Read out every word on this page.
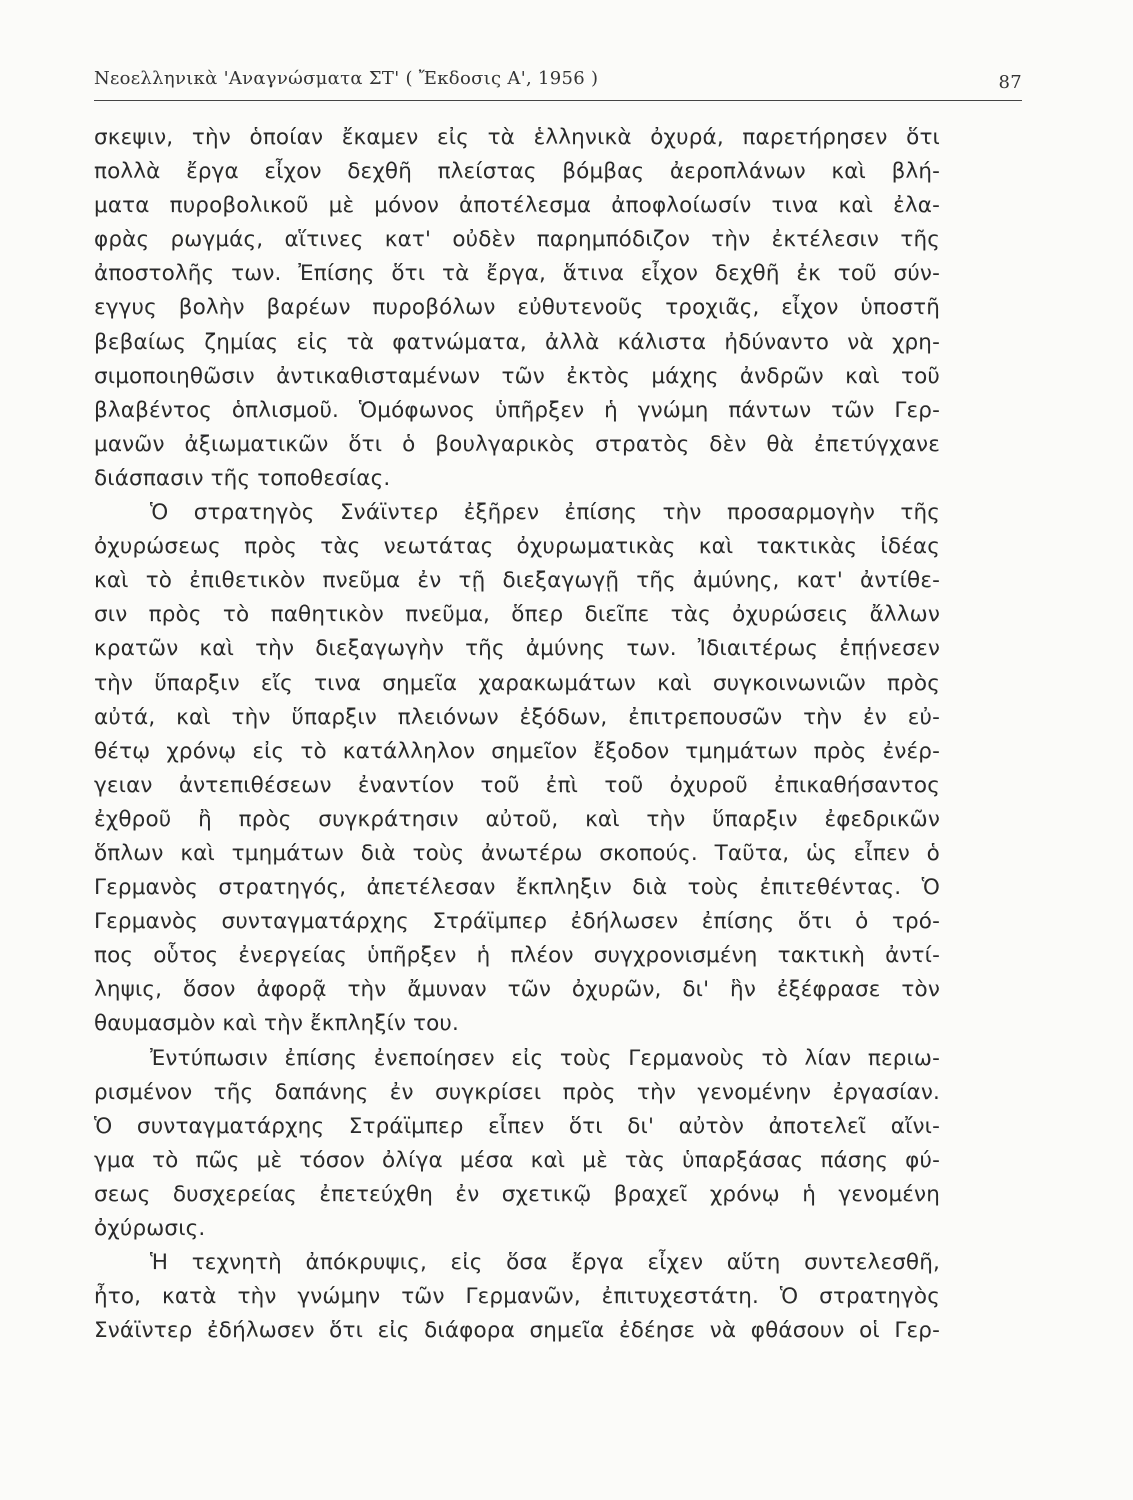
Νεοελληνικὰ 'Αναγνώσματα ΣΤ' ( Ἔκδοσις Α', 1956 )	87
σκεψιν, τὴν ὁποίαν ἔκαμεν εἰς τὰ ἑλληνικὰ ὀχυρά, παρετήρησεν ὅτι
πολλὰ ἔργα εἶχον δεχθῆ πλείστας βόμβας ἀεροπλάνων καὶ βλή-
ματα πυροβολικοῦ μὲ μόνον ἀποτέλεσμα ἀποφλοίωσίν τινα καὶ ἐλα-
φρὰς ρωγμάς, αἵτινες κατ' οὐδὲν παρημπόδιζον τὴν ἐκτέλεσιν τῆς
ἀποστολῆς των. Ἐπίσης ὅτι τὰ ἔργα, ἅτινα εἶχον δεχθῆ ἐκ τοῦ σύν-
εγγυς βολὴν βαρέων πυροβόλων εὐθυτενοῦς τροχιᾶς, εἶχον ὑποστῆ
βεβαίως ζημίας εἰς τὰ φατνώματα, ἀλλὰ κάλιστα ἠδύναντο νὰ χρη-
σιμοποιηθῶσιν ἀντικαθισταμένων τῶν ἐκτὸς μάχης ἀνδρῶν καὶ τοῦ
βλαβέντος ὁπλισμοῦ. Ὁμόφωνος ὑπῆρξεν ἡ γνώμη πάντων τῶν Γερ-
μανῶν ἀξιωματικῶν ὅτι ὁ βουλγαρικὸς στρατὸς δὲν θὰ ἐπετύγχανε
διάσπασιν τῆς τοποθεσίας.
Ὁ στρατηγὸς Σνάϊντερ ἐξῆρεν ἐπίσης τὴν προσαρμογὴν τῆς
ὀχυρώσεως πρὸς τὰς νεωτάτας ὀχυρωματικὰς καὶ τακτικὰς ἰδέας
καὶ τὸ ἐπιθετικὸν πνεῦμα ἐν τῇ διεξαγωγῇ τῆς ἀμύνης, κατ' ἀντίθε-
σιν πρὸς τὸ παθητικὸν πνεῦμα, ὅπερ διεῖπε τὰς ὀχυρώσεις ἄλλων
κρατῶν καὶ τὴν διεξαγωγὴν τῆς ἀμύνης των. Ἰδιαιτέρως ἐπῄνεσεν
τὴν ὕπαρξιν εἴς τινα σημεῖα χαρακωμάτων καὶ συγκοινωνιῶν πρὸς
αὐτά, καὶ τὴν ὕπαρξιν πλειόνων ἐξόδων, ἐπιτρεπουσῶν τὴν ἐν εὐ-
θέτῳ χρόνῳ εἰς τὸ κατάλληλον σημεῖον ἔξοδον τμημάτων πρὸς ἐνέρ-
γειαν ἀντεπιθέσεων ἐναντίον τοῦ ἐπὶ τοῦ ὀχυροῦ ἐπικαθήσαντος
ἐχθροῦ ἢ πρὸς συγκράτησιν αὐτοῦ, καὶ τὴν ὕπαρξιν ἐφεδρικῶν
ὅπλων καὶ τμημάτων διὰ τοὺς ἀνωτέρω σκοπούς. Ταῦτα, ὡς εἶπεν ὁ
Γερμανὸς στρατηγός, ἀπετέλεσαν ἔκπληξιν διὰ τοὺς ἐπιτεθέντας. Ὁ
Γερμανὸς συνταγματάρχης Στράϊμπερ ἐδήλωσεν ἐπίσης ὅτι ὁ τρό-
πος οὗτος ἐνεργείας ὑπῆρξεν ἡ πλέον συγχρονισμένη τακτικὴ ἀντί-
ληψις, ὅσον ἀφορᾷ τὴν ἄμυναν τῶν ὀχυρῶν, δι' ἣν ἐξέφρασε τὸν
θαυμασμὸν καὶ τὴν ἔκπληξίν του.
Ἐντύπωσιν ἐπίσης ἐνεποίησεν εἰς τοὺς Γερμανοὺς τὸ λίαν περιω-
ρισμένον τῆς δαπάνης ἐν συγκρίσει πρὸς τὴν γενομένην ἐργασίαν.
Ὁ συνταγματάρχης Στράϊμπερ εἶπεν ὅτι δι' αὐτὸν ἀποτελεῖ αἴνι-
γμα τὸ πῶς μὲ τόσον ὀλίγα μέσα καὶ μὲ τὰς ὑπαρξάσας πάσης φύ-
σεως δυσχερείας ἐπετεύχθη ἐν σχετικῷ βραχεῖ χρόνῳ ἡ γενομένη
ὀχύρωσις.
Ἡ τεχνητὴ ἀπόκρυψις, εἰς ὅσα ἔργα εἶχεν αὕτη συντελεσθῆ,
ἦτο, κατὰ τὴν γνώμην τῶν Γερμανῶν, ἐπιτυχεστάτη. Ὁ στρατηγὸς
Σνάϊντερ ἐδήλωσεν ὅτι εἰς διάφορα σημεῖα ἐδέησε νὰ φθάσουν οἱ Γερ-
